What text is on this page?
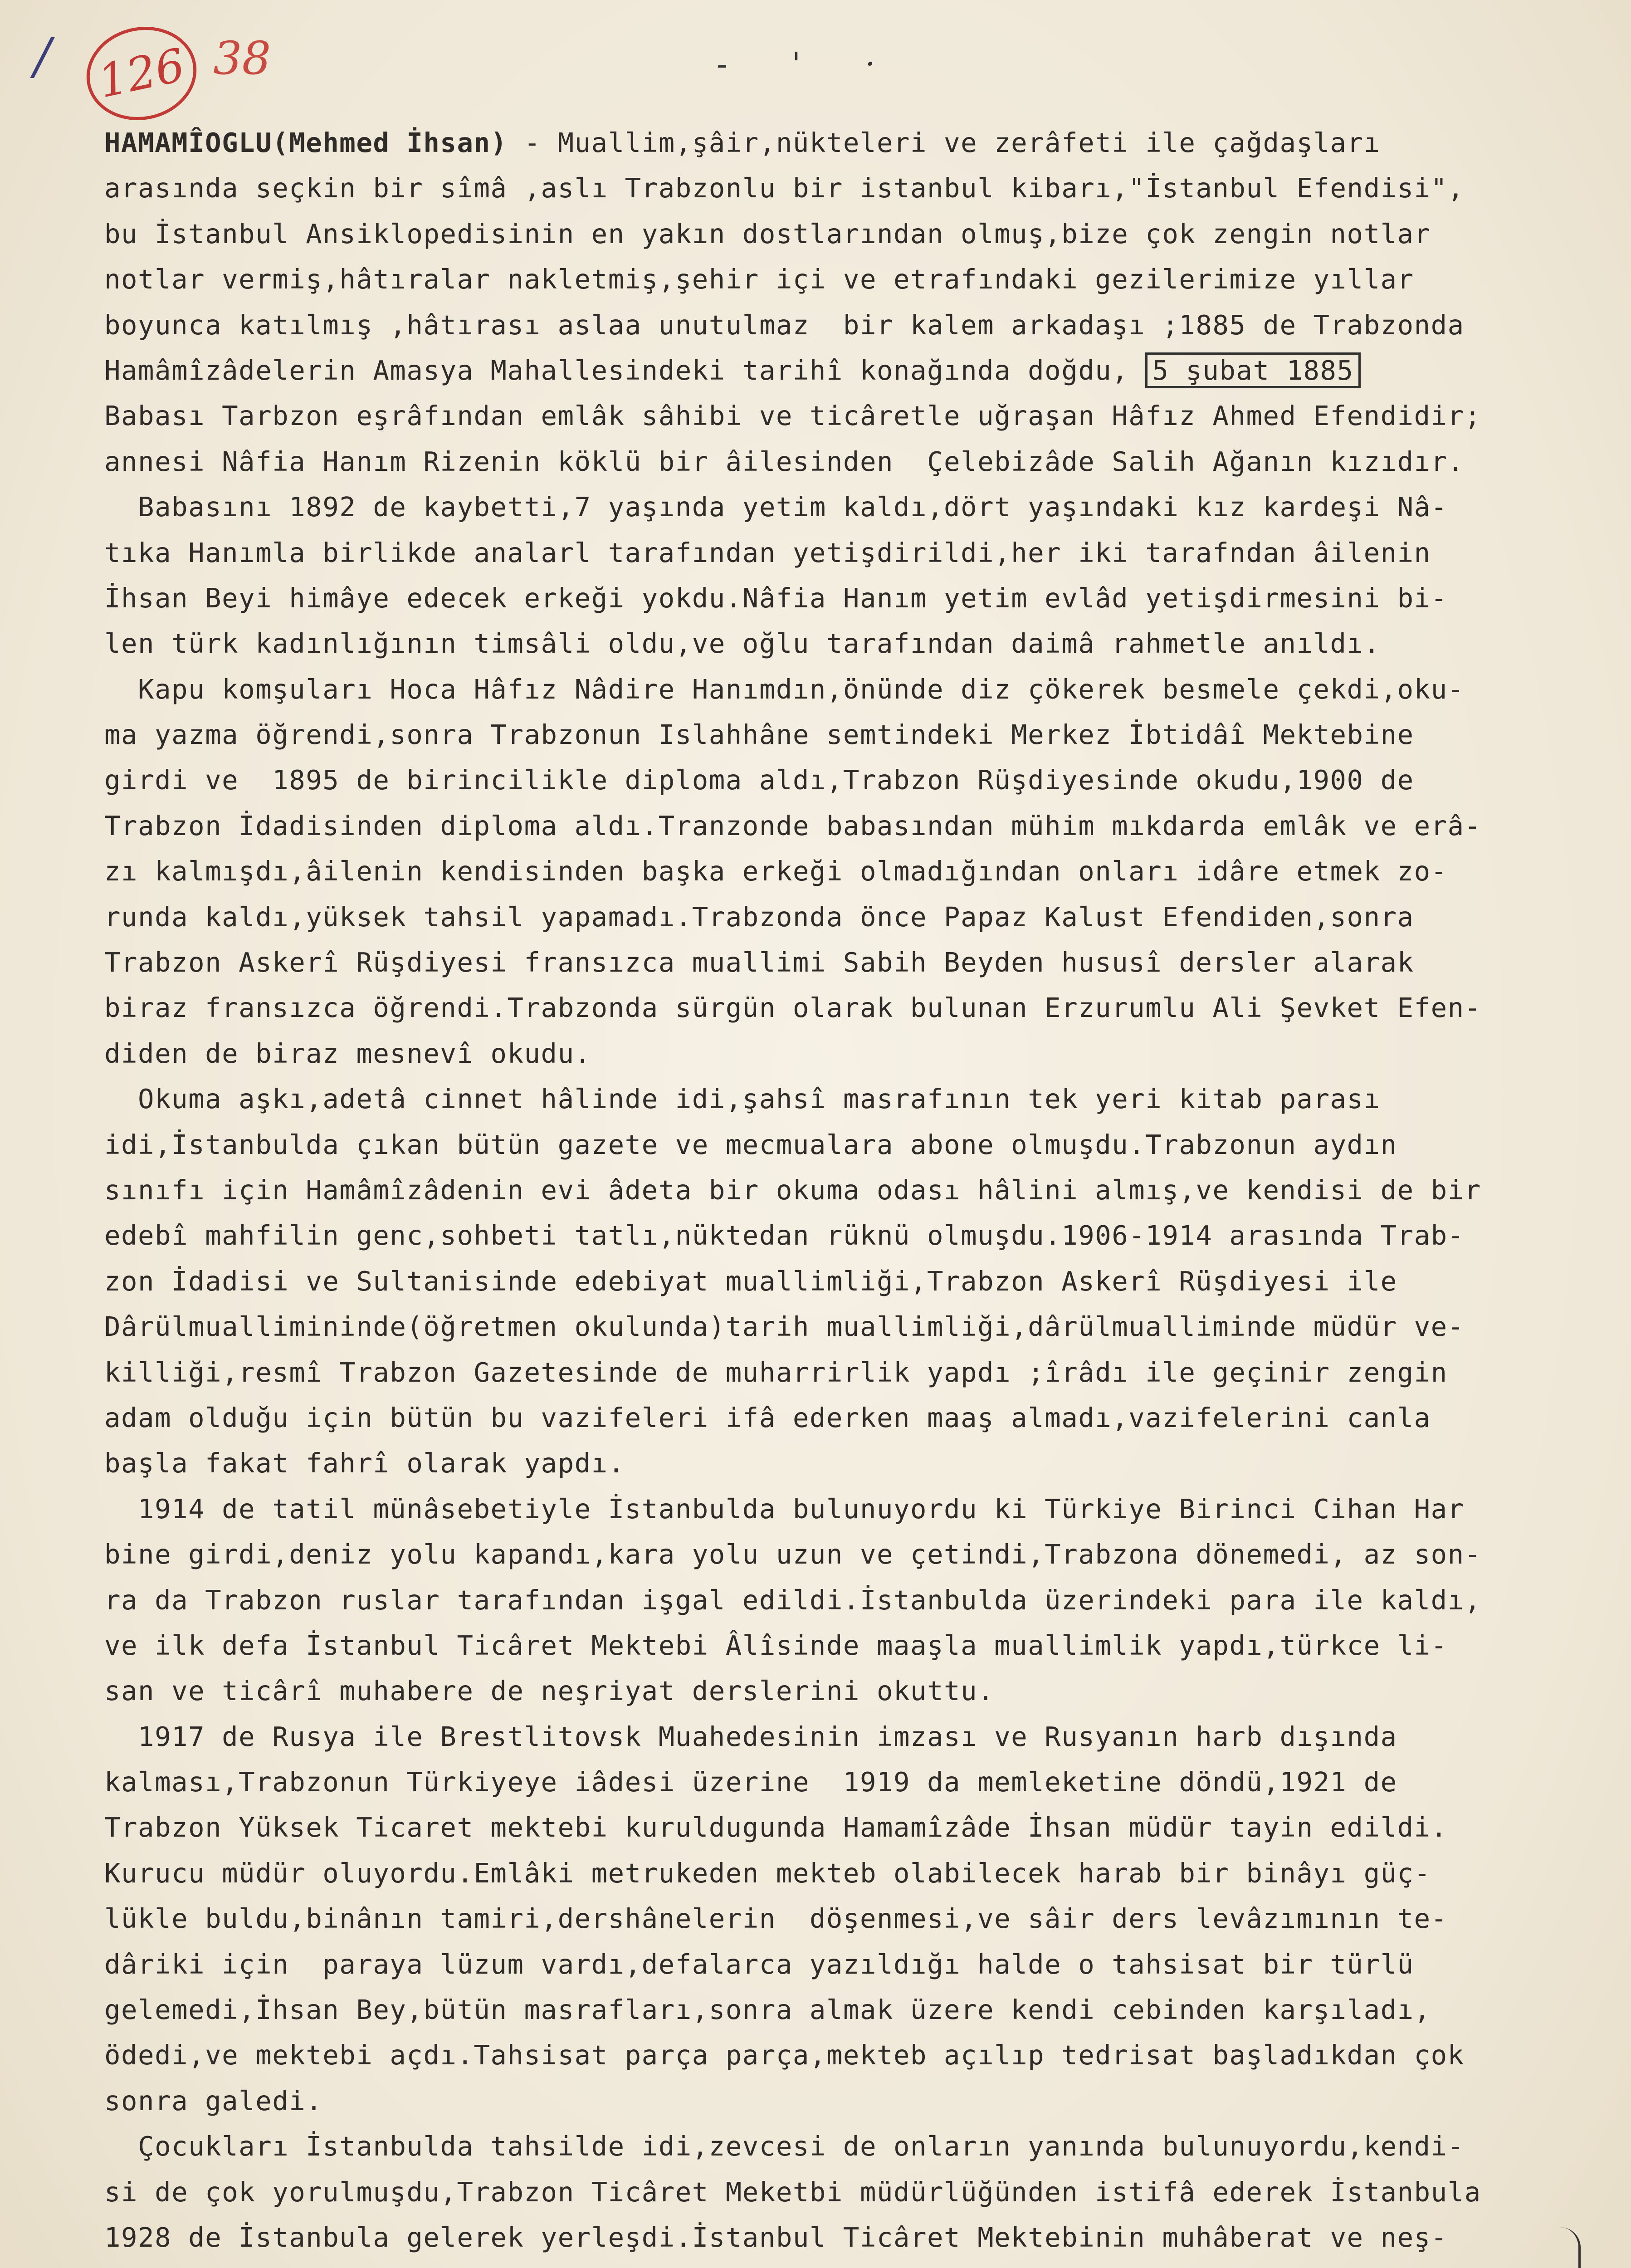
/ 126 38	- ' ·
HAMAMÎOGLU(Mehmed İhsan) - Muallim,şâir,nükteleri ve zerâfeti ile çağdaşları
arasında seçkin bir sîmâ ,aslı Trabzonlu bir istanbul kibarı,"İstanbul Efendisi",
bu İstanbul Ansiklopedisinin en yakın dostlarından olmuş,bize çok zengin notlar
notlar vermiş,hâtıralar nakletmiş,şehir içi ve etrafındaki gezilerimize yıllar
boyunca katılmış ,hâtırası aslaa unutulmaz  bir kalem arkadaşı ;1885 de Trabzonda
Hamâmîzâdelerin Amasya Mahallesindeki tarihî konağında doğdu, 5 şubat 1885
Babası Tarbzon eşrâfından emlâk sâhibi ve ticâretle uğraşan Hâfız Ahmed Efendidir;
annesi Nâfia Hanım Rizenin köklü bir âilesinden  Çelebizâde Salih Ağanın kızıdır.
Babasını 1892 de kaybetti,7 yaşında yetim kaldı,dört yaşındaki kız kardeşi Nâ-
tıka Hanımla birlikde analarl tarafından yetişdirildi,her iki tarafndan âilenin
İhsan Beyi himâye edecek erkeği yokdu.Nâfia Hanım yetim evlâd yetişdirmesini bi-
len türk kadınlığının timsâli oldu,ve oğlu tarafından daimâ rahmetle anıldı.
Kapu komşuları Hoca Hâfız Nâdire Hanımdın,önünde diz çökerek besmele çekdi,oku-
ma yazma öğrendi,sonra Trabzonun Islahhâne semtindeki Merkez İbtidâî Mektebine
girdi ve  1895 de birincilikle diploma aldı,Trabzon Rüşdiyesinde okudu,1900 de
Trabzon İdadisinden diploma aldı.Tranzonde babasından mühim mıkdarda emlâk ve erâ-
zı kalmışdı,âilenin kendisinden başka erkeği olmadığından onları idâre etmek zo-
runda kaldı,yüksek tahsil yapamadı.Trabzonda önce Papaz Kalust Efendiden,sonra
Trabzon Askerî Rüşdiyesi fransızca muallimi Sabih Beyden hususî dersler alarak
biraz fransızca öğrendi.Trabzonda sürgün olarak bulunan Erzurumlu Ali Şevket Efen-
diden de biraz mesnevî okudu.
Okuma aşkı,adetâ cinnet hâlinde idi,şahsî masrafının tek yeri kitab parası
idi,İstanbulda çıkan bütün gazete ve mecmualara abone olmuşdu.Trabzonun aydın
sınıfı için Hamâmîzâdenin evi âdeta bir okuma odası hâlini almış,ve kendisi de bir
edebî mahfilin genc,sohbeti tatlı,nüktedan rüknü olmuşdu.1906-1914 arasında Trab-
zon İdadisi ve Sultanisinde edebiyat muallimliği,Trabzon Askerî Rüşdiyesi ile
Dârülmuallimininde(öğretmen okulunda)tarih muallimliği,dârülmualliminde müdür ve-
killiği,resmî Trabzon Gazetesinde de muharrirlik yapdı ;îrâdı ile geçinir zengin
adam olduğu için bütün bu vazifeleri ifâ ederken maaş almadı,vazifelerini canla
başla fakat fahrî olarak yapdı.
1914 de tatil münâsebetiyle İstanbulda bulunuyordu ki Türkiye Birinci Cihan Har
bine girdi,deniz yolu kapandı,kara yolu uzun ve çetindi,Trabzona dönemedi, az son-
ra da Trabzon ruslar tarafından işgal edildi.İstanbulda üzerindeki para ile kaldı,
ve ilk defa İstanbul Ticâret Mektebi Âlîsinde maaşla muallimlik yapdı,türkce li-
san ve ticârî muhabere de neşriyat derslerini okuttu.
1917 de Rusya ile Brestlitovsk Muahedesinin imzası ve Rusyanın harb dışında
kalması,Trabzonun Türkiyeye iâdesi üzerine  1919 da memleketine döndü,1921 de
Trabzon Yüksek Ticaret mektebi kuruldugunda Hamamîzâde İhsan müdür tayin edildi.
Kurucu müdür oluyordu.Emlâki metrukeden mekteb olabilecek harab bir binâyı güç-
lükle buldu,binânın tamiri,dershânelerin  döşenmesi,ve sâir ders levâzımının te-
dâriki için  paraya lüzum vardı,defalarca yazıldığı halde o tahsisat bir türlü
gelemedi,İhsan Bey,bütün masrafları,sonra almak üzere kendi cebinden karşıladı,
ödedi,ve mektebi açdı.Tahsisat parça parça,mekteb açılıp tedrisat başladıkdan çok
sonra galedi.
Çocukları İstanbulda tahsilde idi,zevcesi de onların yanında bulunuyordu,kendi-
si de çok yorulmuşdu,Trabzon Ticâret Meketbi müdürlüğünden istifâ ederek İstanbula
1928 de İstanbula gelerek yerleşdi.İstanbul Ticâret Mektebinin muhâberat ve neş-
